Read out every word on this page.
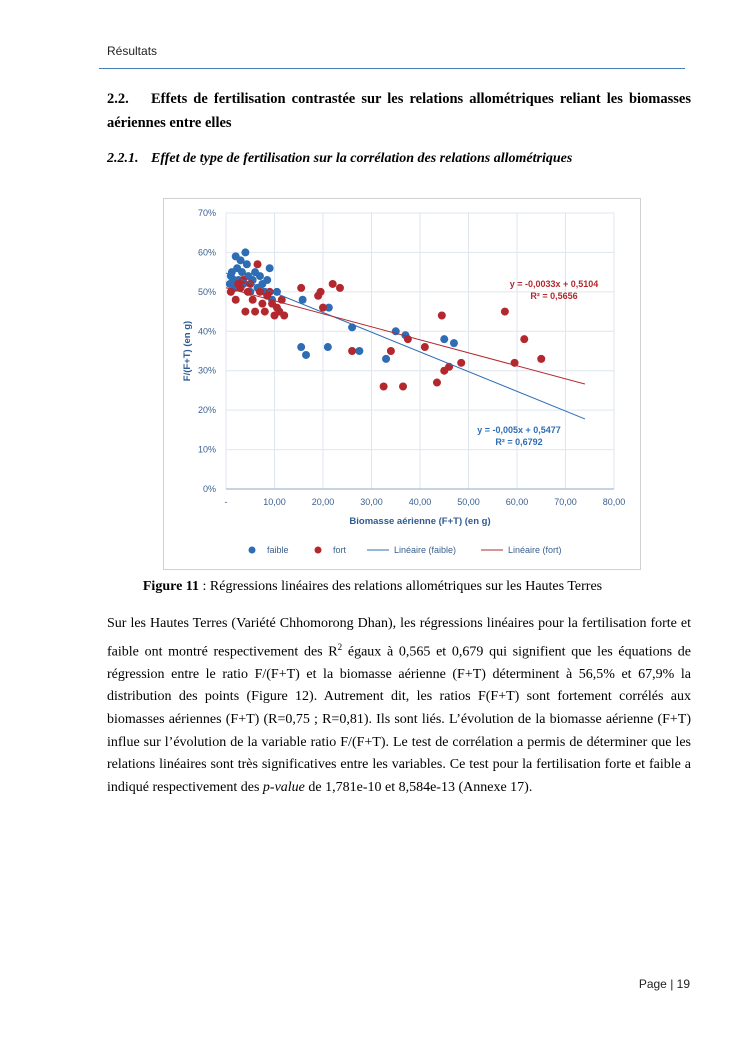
Résultats
2.2. Effets de fertilisation contrastée sur les relations allométriques reliant les biomasses aériennes entre elles
2.2.1. Effet de type de fertilisation sur la corrélation des relations allométriques
0%
10%
20%
30%
40%
50%
60%
70%
-	10,00	20,00	30,00	40,00	50,00	60,00	70,00	80,00
y = -0,005x + 0,5477
R² = 0,6792
y = -0,0033x + 0,5104
R² = 0,5656
Biomasse aérienne (F+T) (en g)
F/(F+T) (en g)
faible	fort	Linéaire (faible)	Linéaire (fort)
Figure 11 : Régressions linéaires des relations allométriques sur les Hautes Terres

Sur les Hautes Terres (Variété Chhomorong Dhan), les régressions linéaires pour la fertilisation forte et faible ont montré respectivement des $R^2$ égaux à 0,565 et 0,679 qui signifient que les équations de régression entre le ratio F/(F+T) et la biomasse aérienne (F+T) déterminent à 56,5% et 67,9% la distribution des points (Figure 12). Autrement dit, les ratios F(F+T) sont fortement corrélés aux biomasses aériennes (F+T) (R=0,75 ; R=0,81). Ils sont liés. L’évolution de la biomasse aérienne (F+T) influe sur l’évolution de la variable ratio F/(F+T). Le test de corrélation a permis de déterminer que les relations linéaires sont très significatives entre les variables. Ce test pour la fertilisation forte et faible a indiqué respectivement des p-value de 1,781e-10 et 8,584e-13 (Annexe 17).

Page | 19
